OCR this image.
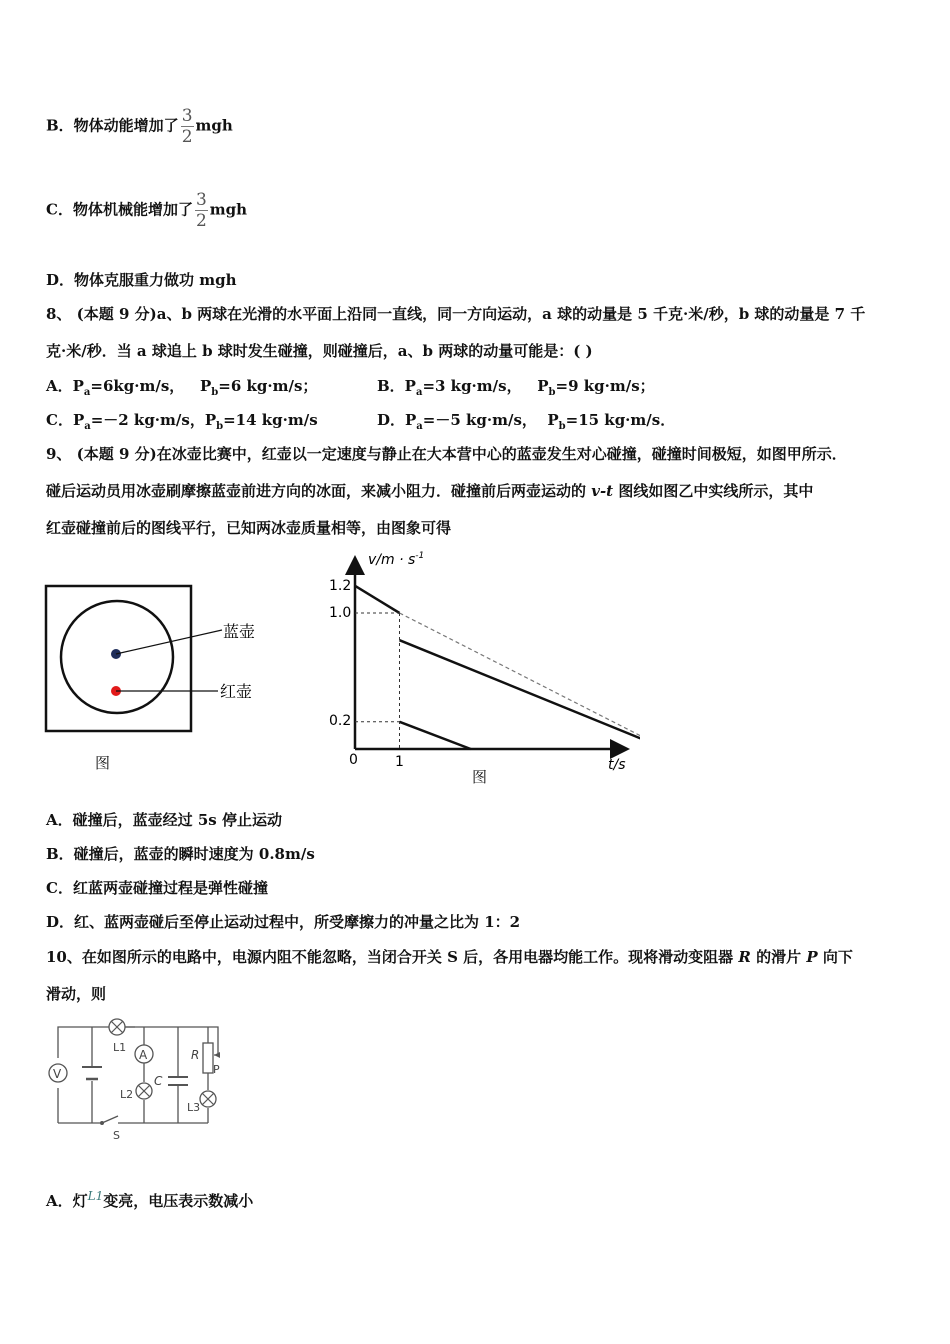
B．物体动能增加了 $\frac{3}{2}$ mgh
C．物体机械能增加了 $\frac{3}{2}$ mgh
D．物体克服重力做功 mgh
8、 (本题 9 分)a、b 两球在光滑的水平面上沿同一直线，同一方向运动，a 球的动量是 5 千克·米/秒，b 球的动量是 7 千
克·米/秒．当 a 球追上 b 球时发生碰撞，则碰撞后，a、b 两球的动量可能是：( )
A．$P_a=6kg\cdot m/s$，   $P_b=6$ kg·m/s；	B．$P_a=3$ kg·m/s，   $P_b=9$ kg·m/s；
C．$P_a=-2$ kg·m/s，$P_b=14$ kg·m/s	D．$P_a=-5$ kg·m/s，  $P_b=15$ kg·m/s．
9、 (本题 9 分)在冰壶比赛中，红壶以一定速度与静止在大本营中心的蓝壶发生对心碰撞，碰撞时间极短，如图甲所示．
碰后运动员用冰壶刷摩擦蓝壶前进方向的冰面，来减小阻力．碰撞前后两壶运动的 v-t 图线如图乙中实线所示，其中
红壶碰撞前后的图线平行，已知两冰壶质量相等，由图象可得
蓝壶
红壶
图
$v/m \cdot s^{-1}$
1.2
1.0
0.2
0	1	t/s
图
A．碰撞后，蓝壶经过 5s 停止运动
B．碰撞后，蓝壶的瞬时速度为 0.8m/s
C．红蓝两壶碰撞过程是弹性碰撞
D．红、蓝两壶碰后至停止运动过程中，所受摩擦力的冲量之比为 1：2
10、在如图所示的电路中，电源内阻不能忽略，当闭合开关 S 后，各用电器均能工作。现将滑动变阻器 R 的滑片 P 向下
滑动，则
V
L1
A
L2
C
R
P
L3
S
A．灯$^{L1}$变亮，电压表示数减小
